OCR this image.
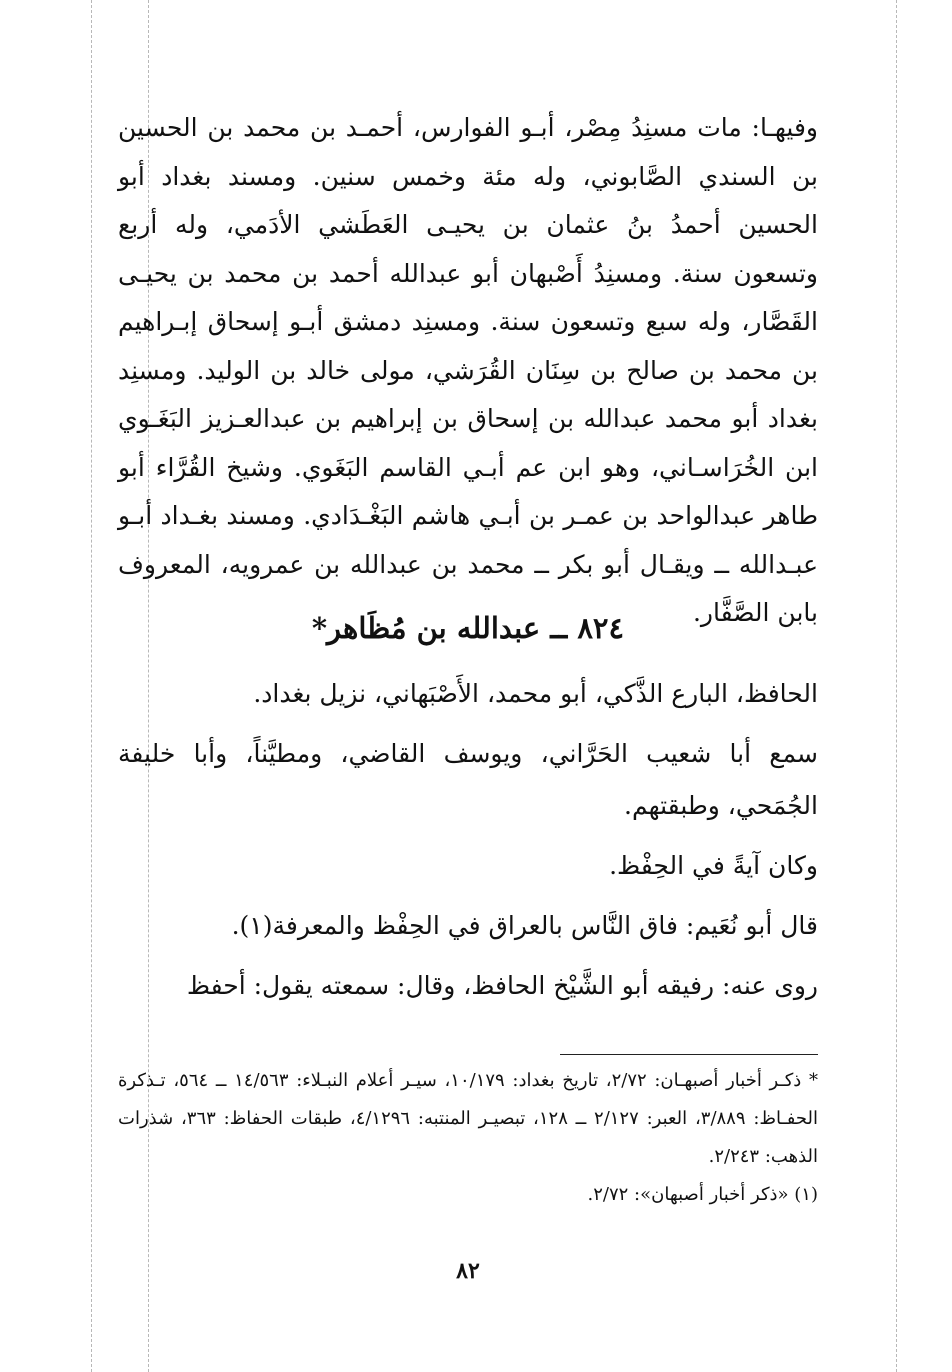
وفيهـا: مات مسنِدُ مِصْر، أبـو الفوارس، أحمـد بن محمد بن الحسين بن السندي الصَّابوني، وله مئة وخمس سنين. ومسند بغداد أبو الحسين أحمدُ بنُ عثمان بن يحيـى العَطَشي الأدَمي، وله أربع وتسعون سنة. ومسنِدُ أَصْبهان أبو عبدالله أحمد بن محمد بن يحيـى القَصَّار، وله سبع وتسعون سنة. ومسنِد دمشق أبـو إسحاق إبـراهيم بن محمد بن صالح بن سِنَان القُرَشي، مولى خالد بن الوليد. ومسنِد بغداد أبو محمد عبدالله بن إسحاق بن إبراهيم بن عبدالعـزيز البَغَـوي ابن الخُرَاسـاني، وهو ابن عم أبـي القاسم البَغَوي. وشيخ القُرَّاء أبو طاهر عبدالواحد بن عمـر بن أبـي هاشم البَغْـدَادي. ومسند بغـداد أبـو عبـدالله ــ ويقـال أبو بكر ــ محمد بن عبدالله بن عمرويه، المعروف بابن الصَّفَّار.

٨٢٤ ــ عبدالله بن مُظَاهر*

الحافظ، البارع الذَّكي، أبو محمد، الأَصْبَهاني، نزيل بغداد.

سمع أبا شعيب الحَرَّاني، ويوسف القاضي، ومطيَّناً، وأبا خليفة الجُمَحي، وطبقتهم.

وكان آيةً في الحِفْظ.

قال أبو نُعَيم: فاق النَّاس بالعراق في الحِفْظ والمعرفة(١).

روى عنه: رفيقه أبو الشَّيْخ الحافظ، وقال: سمعته يقول: أحفظ

* ذكـر أخبار أصبهـان: ٢/٧٢، تاريخ بغداد: ١٠/١٧٩، سيـر أعلام النبـلاء: ١٤/٥٦٣ ــ ٥٦٤، تـذكرة الحفـاظ: ٣/٨٨٩، العبر: ٢/١٢٧ ــ ١٢٨، تبصيـر المنتبه: ٤/١٢٩٦، طبقات الحفاظ: ٣٦٣، شذرات الذهب: ٢/٢٤٣.

(١) «ذكر أخبار أصبهان»: ٢/٧٢.

٨٢
